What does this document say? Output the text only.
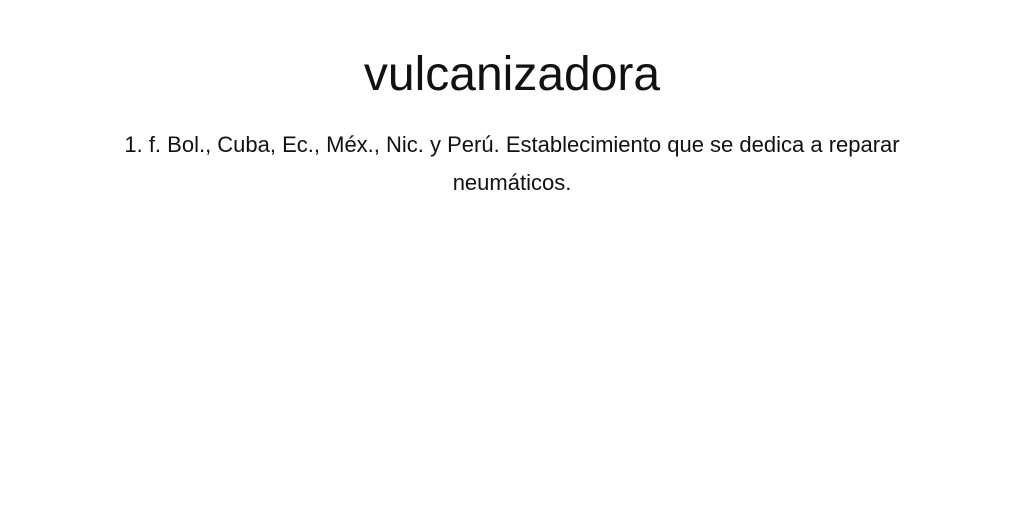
vulcanizadora

1. f. Bol., Cuba, Ec., Méx., Nic. y Perú. Establecimiento que se dedica a reparar neumáticos.
